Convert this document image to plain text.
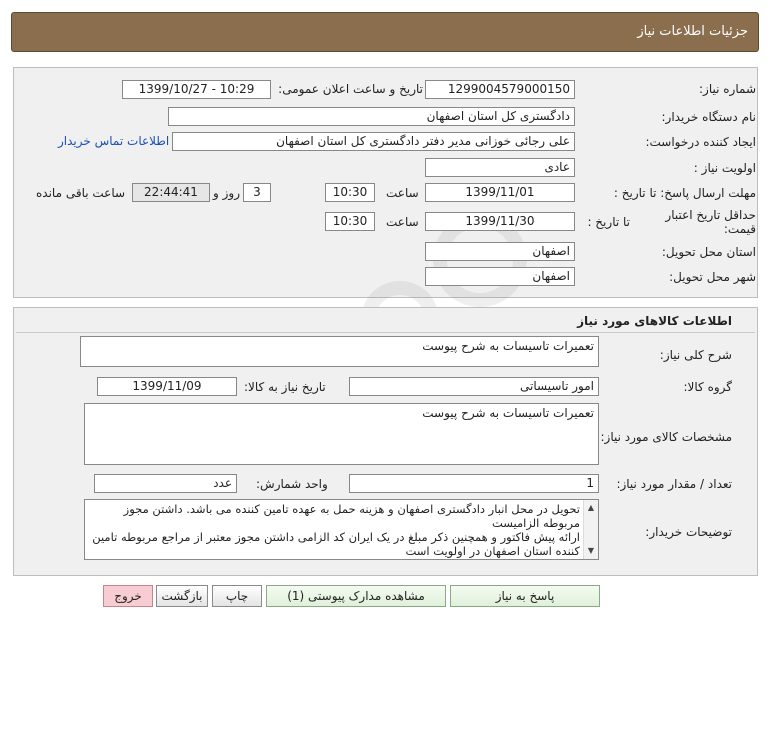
جزئیات اطلاعات نیاز
شماره نیاز:
1299004579000150
تاریخ و ساعت اعلان عمومی:
1399/10/27 - 10:29
نام دستگاه خریدار:
دادگستری کل استان اصفهان
ایجاد کننده درخواست:
علی رجائی خوزانی مدیر دفتر دادگستری کل استان اصفهان
اطلاعات تماس خریدار
اولویت نیاز :
عادی
مهلت ارسال پاسخ: تا تاریخ :
1399/11/01
ساعت
10:30
3
روز و
22:44:41
ساعت باقی مانده
حداقل تاریخ اعتبار قیمت:
تا تاریخ :
1399/11/30
ساعت
10:30
استان محل تحویل:
اصفهان
شهر محل تحویل:
اصفهان
اطلاعات کالاهای مورد نیاز
شرح کلی نیاز:
تعمیرات تاسیسات به شرح پیوست
گروه کالا:
امور تاسیساتی
تاریخ نیاز به کالا:
1399/11/09
مشخصات کالای مورد نیاز:
تعمیرات تاسیسات به شرح پیوست
تعداد / مقدار مورد نیاز:
1
واحد شمارش:
عدد
توضیحات خریدار:
تحویل در محل انبار دادگستری اصفهان و هزینه حمل به عهده تامین کننده می باشد. داشتن مجوز مربوطه الزامیست
ارائه پیش فاکتور و همچنین ذکر مبلغ در یک ایران کد الزامی داشتن مجوز معتبر از مراجع مربوطه تامین کننده استان اصفهان در اولویت است
▲
▼
پاسخ به نیاز
مشاهده مدارک پیوستی (1)
چاپ
بازگشت
خروج
